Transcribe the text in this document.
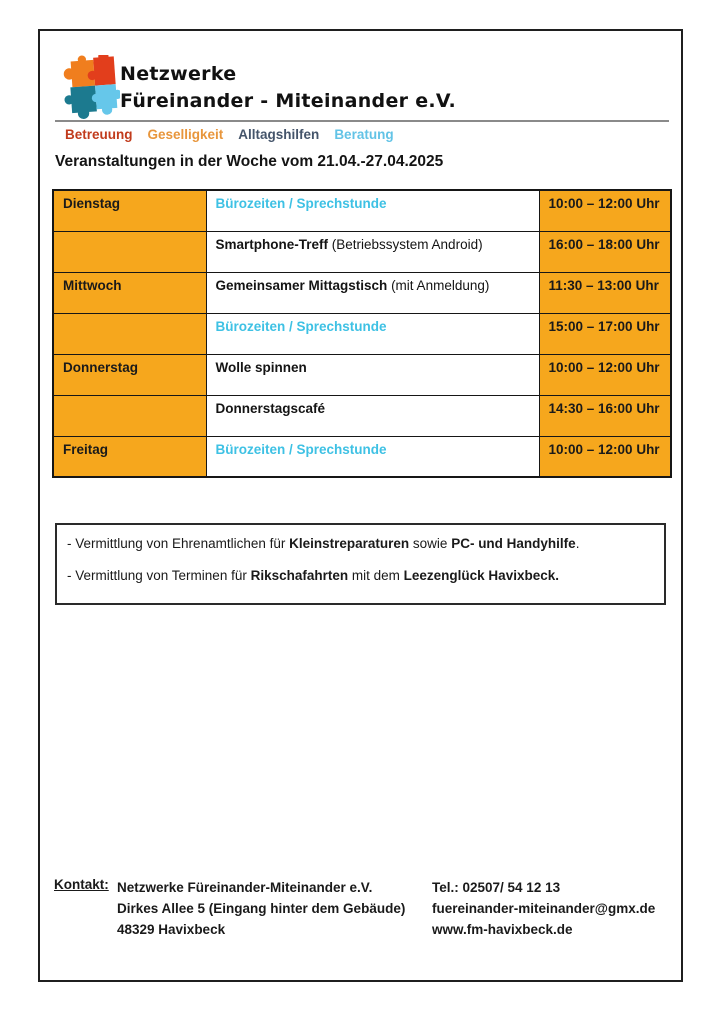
Netzwerke
Füreinander - Miteinander e.V.
Betreuung Geselligkeit Alltagshilfen Beratung
Veranstaltungen in der Woche vom 21.04.-27.04.2025
Dienstag	Bürozeiten / Sprechstunde	10:00 – 12:00 Uhr
	Smartphone-Treff (Betriebssystem Android)	16:00 – 18:00 Uhr
Mittwoch	Gemeinsamer Mittagstisch (mit Anmeldung)	11:30 – 13:00 Uhr
	Bürozeiten / Sprechstunde	15:00 – 17:00 Uhr
Donnerstag	Wolle spinnen	10:00 – 12:00 Uhr
	Donnerstagscafé	14:30 – 16:00 Uhr
Freitag	Bürozeiten / Sprechstunde	10:00 – 12:00 Uhr

- Vermittlung von Ehrenamtlichen für Kleinstreparaturen sowie PC- und Handyhilfe.

- Vermittlung von Terminen für Rikschafahrten mit dem Leezenglück Havixbeck.

Kontakt: Netzwerke Füreinander-Miteinander e.V.
Dirkes Allee 5 (Eingang hinter dem Gebäude)
48329 Havixbeck
Tel.: 02507/ 54 12 13
fuereinander-miteinander@gmx.de
www.fm-havixbeck.de
